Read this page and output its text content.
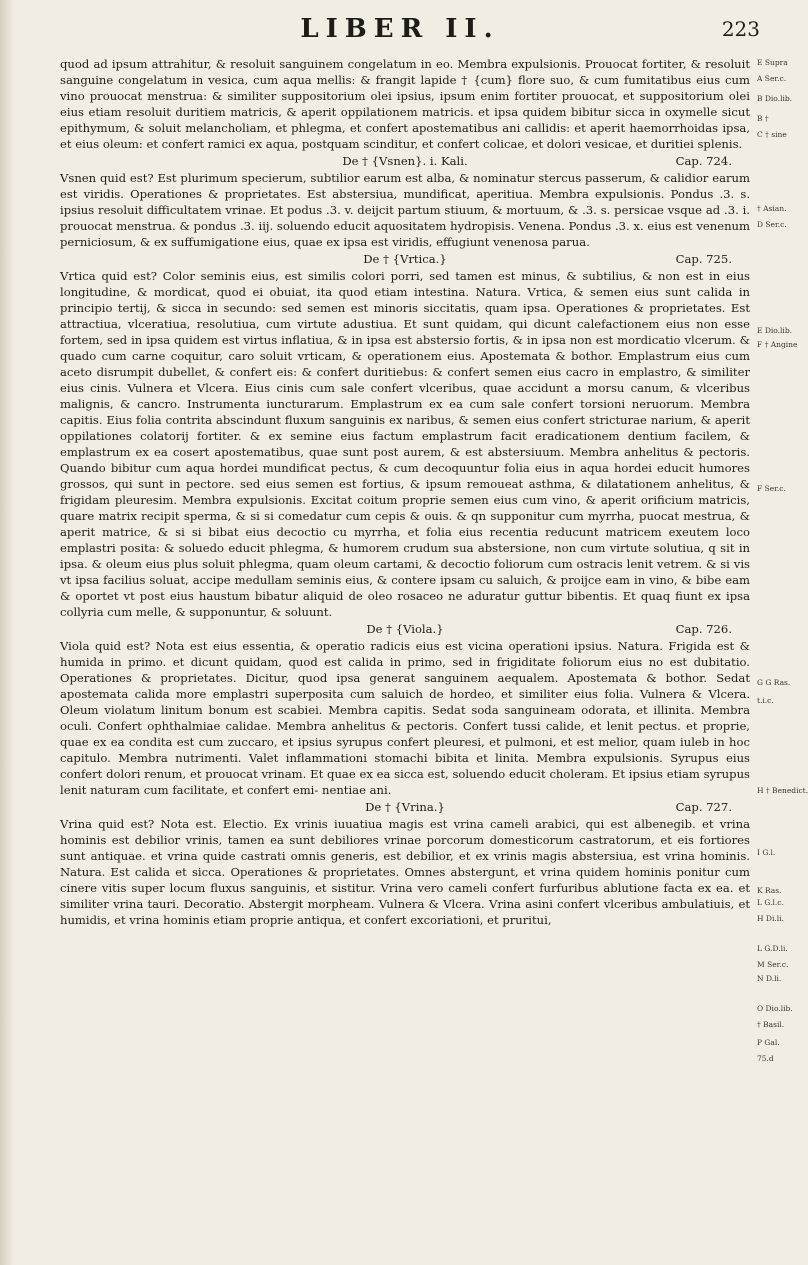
LIBER II.	223

quod ad ipsum attrahitur, & resoluit sanguinem congelatum in eo. Membra expulsionis. Prouocat fortiter, & resoluit sanguine congelatum in vesica, cum aqua mellis: & frangit lapide † {cum} flore suo, & cum fumitatibus eius cum vino prouocat menstrua: & similiter suppositorium olei ipsius, ipsum enim fortiter prouocat, et suppositorium olei eius etiam resoluit duritiem matricis, & aperit oppilationem matricis. et ipsa quidem bibitur sicca in oxymelle sicut epithymum, & soluit melancholiam, et phlegma, et confert apostematibus ani callidis: et aperit haemorrhoidas ipsa, et eius oleum: et confert ramici ex aqua, postquam scinditur, et confert colicae, et dolori vesicae, et duritiei splenis.

De † {Vsnen}. i. Kali.	Cap. 724.

Vsnen quid est? Est plurimum specierum, subtilior earum est alba, & nominatur stercus passerum, & calidior earum est viridis. Operationes & proprietates. Est abstersiua, mundificat, aperitiua. Membra expulsionis. Pondus .3. s. ipsius resoluit difficultatem vrinae. Et podus .3. v. deijcit partum stiuum, & mortuum, & .3. s. persicae vsque ad .3. i. prouocat menstrua. & pondus .3. iij. soluendo educit aquositatem hydropisis. Venena. Pondus .3. x. eius est venenum perniciosum, & ex suffumigatione eius, quae ex ipsa est viridis, effugiunt venenosa parua.

De † {Vrtica.}	Cap. 725.

Vrtica quid est? Color seminis eius, est similis colori porri, sed tamen est minus, & subtilius, & non est in eius longitudine, & mordicat, quod ei obuiat, ita quod etiam intestina. Natura. Vrtica, & semen eius sunt calida in principio tertij, & sicca in secundo: sed semen est minoris siccitatis, quam ipsa. Operationes & proprietates. Est attractiua, vlceratiua, resolutiua, cum virtute adustiua. Et sunt quidam, qui dicunt calefactionem eius non esse fortem, sed in ipsa quidem est virtus inflatiua, & in ipsa est abstersio fortis, & in ipsa non est mordicatio vlcerum. & quado cum carne coquitur, caro soluit vrticam, & operationem eius. Apostemata & bothor. Emplastrum eius cum aceto disrumpit dubellet, & confert eis: & confert duritiebus: & confert semen eius cacro in emplastro, & similiter eius cinis. Vulnera et Vlcera. Eius cinis cum sale confert vlceribus, quae accidunt a morsu canum, & vlceribus malignis, & cancro. Instrumenta iuncturarum. Emplastrum ex ea cum sale confert torsioni neruorum. Membra capitis. Eius folia contrita abscindunt fluxum sanguinis ex naribus, & semen eius confert stricturae narium, & aperit oppilationes colatorij fortiter. & ex semine eius factum emplastrum facit eradicationem dentium facilem, & emplastrum ex ea cosert apostematibus, quae sunt post aurem, & est abstersiuum. Membra anhelitus & pectoris. Quando bibitur cum aqua hordei mundificat pectus, & cum decoquuntur folia eius in aqua hordei educit humores grossos, qui sunt in pectore. sed eius semen est fortius, & ipsum remoueat asthma, & dilatationem anhelitus, & frigidam pleuresim. Membra expulsionis. Excitat coitum proprie semen eius cum vino, & aperit orificium matricis, quare matrix recipit sperma, & si si comedatur cum cepis & ouis. & qn supponitur cum myrrha, puocat mestrua, & aperit matrice, & si si bibat eius decoctio cu myrrha, et folia eius recentia reducunt matricem exeutem loco emplastri posita: & soluedo educit phlegma, & humorem crudum sua abstersione, non cum virtute solutiua, q sit in ipsa. & oleum eius plus soluit phlegma, quam oleum cartami, & decoctio foliorum cum ostracis lenit vetrem. & si vis vt ipsa facilius soluat, accipe medullam seminis eius, & contere ipsam cu saluich, & proijce eam in vino, & bibe eam & oportet vt post eius haustum bibatur aliquid de oleo rosaceo ne aduratur guttur bibentis. Et quaq fiunt ex ipsa collyria cum melle, & supponuntur, & soluunt.

De † {Viola.}	Cap. 726.

Viola quid est? Nota est eius essentia, & operatio radicis eius est vicina operationi ipsius. Natura. Frigida est & humida in primo. et dicunt quidam, quod est calida in primo, sed in frigiditate foliorum eius no est dubitatio. Operationes & proprietates. Dicitur, quod ipsa generat sanguinem aequalem. Apostemata & bothor. Sedat apostemata calida more emplastri superposita cum saluich de hordeo, et similiter eius folia. Vulnera & Vlcera. Oleum violatum linitum bonum est scabiei. Membra capitis. Sedat soda sanguineam odorata, et illinita. Membra oculi. Confert ophthalmiae calidae. Membra anhelitus & pectoris. Confert tussi calide, et lenit pectus. et proprie, quae ex ea condita est cum zuccaro, et ipsius syrupus confert pleuresi, et pulmoni, et est melior, quam iuleb in hoc capitulo. Membra nutrimenti. Valet inflammationi stomachi bibita et linita. Membra expulsionis. Syrupus eius confert dolori renum, et prouocat vrinam. Et quae ex ea sicca est, soluendo educit choleram. Et ipsius etiam syrupus lenit naturam cum facilitate, et confert emi- nentiae ani.

De † {Vrina.}	Cap. 727.

Vrina quid est? Nota est. Electio. Ex vrinis iuuatiua magis est vrina cameli arabici, qui est albenegib. et vrina hominis est debilior vrinis, tamen ea sunt debiliores vrinae porcorum domesticorum castratorum, et eis fortiores sunt antiquae. et vrina quide castrati omnis generis, est debilior, et ex vrinis magis abstersiua, est vrina hominis. Natura. Est calida et sicca. Operationes & proprietates. Omnes abstergunt, et vrina quidem hominis ponitur cum cinere vitis super locum fluxus sanguinis, et sistitur. Vrina vero cameli confert furfuribus ablutione facta ex ea. et similiter vrina tauri. Decoratio. Abstergit morpheam. Vulnera & Vlcera. Vrina asini confert vlceribus ambulatiuis, et humidis, et vrina hominis etiam proprie antiqua, et confert excoriationi, et pruritui,

E Supra
A Ser.c.
B Dio.lib.
B †
C † sine
† Asian.
D Ser.c.
E Dio.lib.
F † Angine
F Ser.c.
G G Ras.
t.i.c.
H † Benedict.
I G.l.
K Ras.
L G.l.c.
H Di.li.
L G.D.li.
M Ser.c.
N D.li.
O Dio.lib.
† Basil.
P Gal.
75.d
